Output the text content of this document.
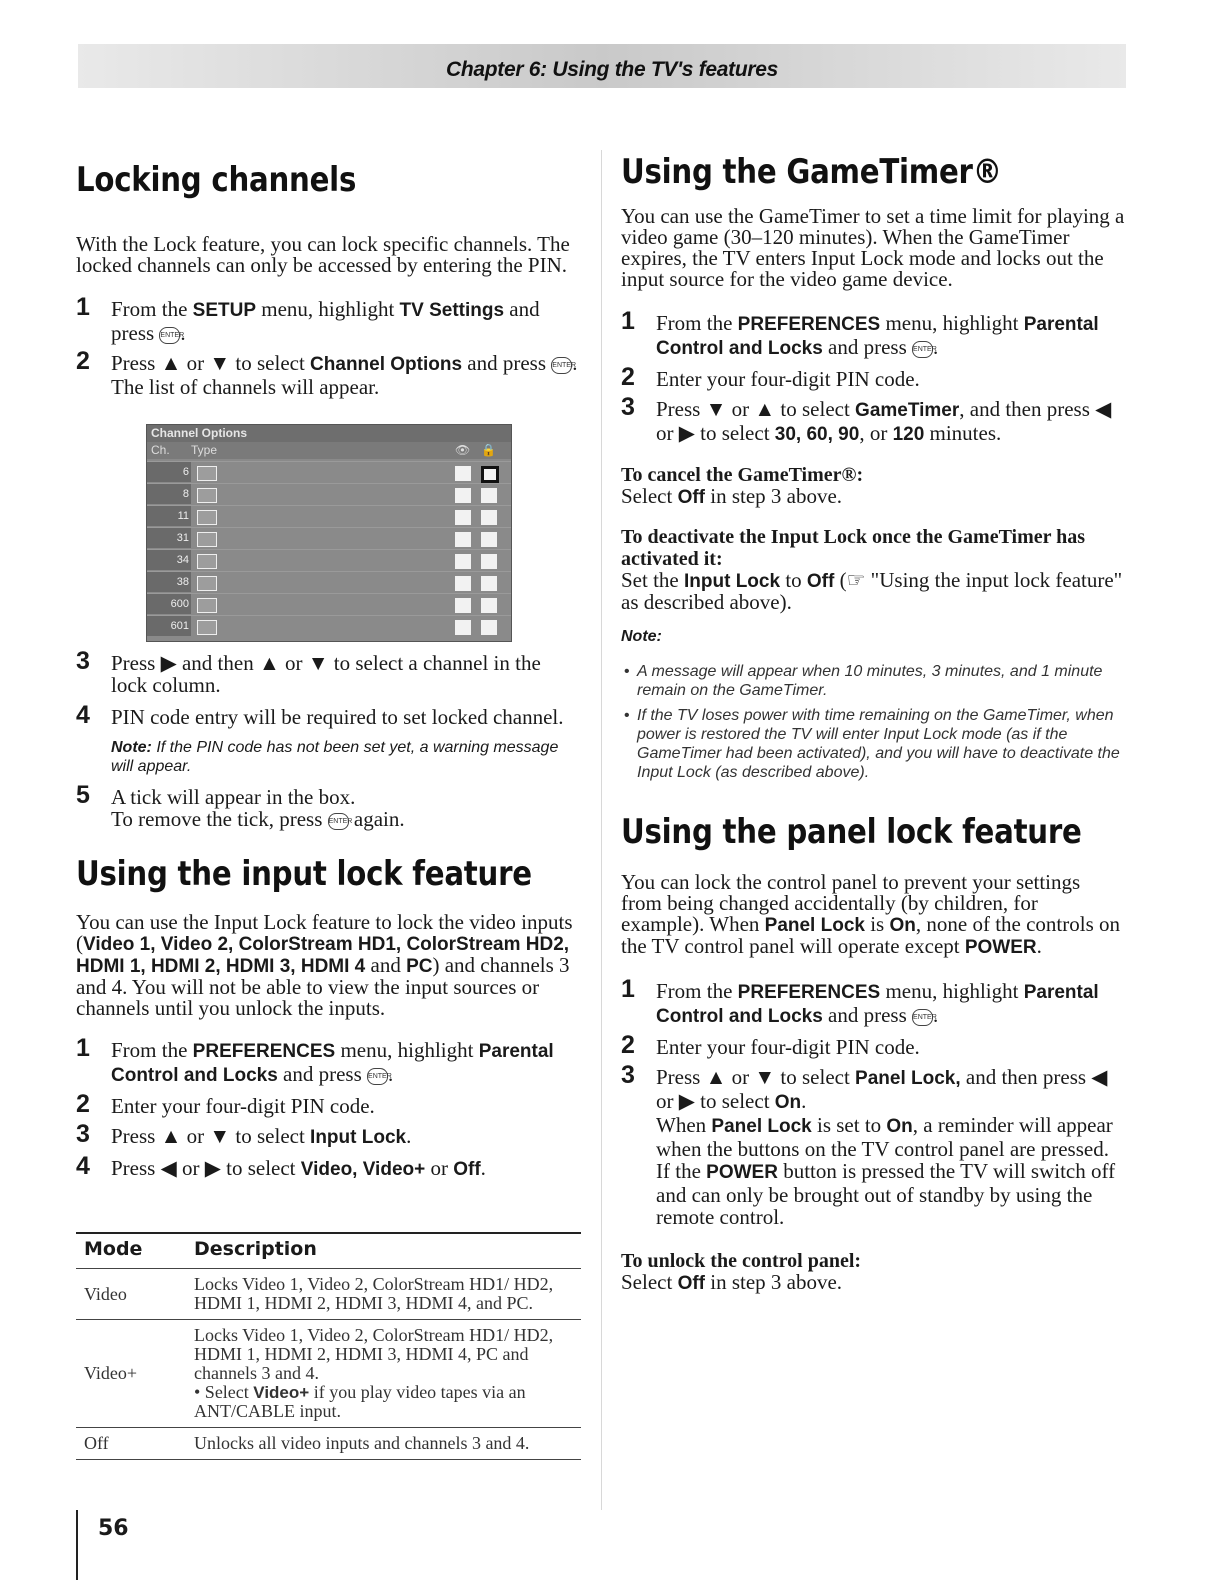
Chapter 6: Using the TV's features
Locking channels

With the Lock feature, you can lock specific channels. The locked channels can only be accessed by entering the PIN.

1 From the SETUP menu, highlight TV Settings and press ENTER.

2 Press ▲ or ▼ to select Channel Options and press ENTER. The list of channels will appear.

Channel Options
Ch. Type	👁 🔒
6
8
11
31
34
38
600
601

3 Press ▶ and then ▲ or ▼ to select a channel in the lock column.

4 PIN code entry will be required to set locked channel.

Note: If the PIN code has not been set yet, a warning message will appear.

5 A tick will appear in the box.
To remove the tick, press ENTER again.

Using the input lock feature

You can use the Input Lock feature to lock the video inputs (Video 1, Video 2, ColorStream HD1, ColorStream HD2, HDMI 1, HDMI 2, HDMI 3, HDMI 4 and PC) and channels 3 and 4. You will not be able to view the input sources or channels until you unlock the inputs.

1 From the PREFERENCES menu, highlight Parental Control and Locks and press ENTER.

2 Enter your four-digit PIN code.

3 Press ▲ or ▼ to select Input Lock.

4 Press ◀ or ▶ to select Video, Video+ or Off.

Mode	Description
Video	Locks Video 1, Video 2, ColorStream HD1/ HD2, HDMI 1, HDMI 2, HDMI 3, HDMI 4, and PC.
Video+	Locks Video 1, Video 2, ColorStream HD1/ HD2, HDMI 1, HDMI 2, HDMI 3, HDMI 4, PC and channels 3 and 4.
• Select Video+ if you play video tapes via an ANT/CABLE input.
Off	Unlocks all video inputs and channels 3 and 4.
56
Using the GameTimer®

You can use the GameTimer to set a time limit for playing a video game (30–120 minutes). When the GameTimer expires, the TV enters Input Lock mode and locks out the input source for the video game device.

1 From the PREFERENCES menu, highlight Parental Control and Locks and press ENTER.

2 Enter your four-digit PIN code.

3 Press ▼ or ▲ to select GameTimer, and then press ◀ or ▶ to select 30, 60, 90, or 120 minutes.

To cancel the GameTimer®:

Select Off in step 3 above.

To deactivate the Input Lock once the GameTimer has activated it:

Set the Input Lock to Off (☞ "Using the input lock feature" as described above).

Note:

• A message will appear when 10 minutes, 3 minutes, and 1 minute remain on the GameTimer.
• If the TV loses power with time remaining on the GameTimer, when power is restored the TV will enter Input Lock mode (as if the GameTimer had been activated), and you will have to deactivate the Input Lock (as described above).
Using the panel lock feature

You can lock the control panel to prevent your settings from being changed accidentally (by children, for example). When Panel Lock is On, none of the controls on the TV control panel will operate except POWER.

1 From the PREFERENCES menu, highlight Parental Control and Locks and press ENTER.

2 Enter your four-digit PIN code.

3 Press ▲ or ▼ to select Panel Lock, and then press ◀ or ▶ to select On.
When Panel Lock is set to On, a reminder will appear when the buttons on the TV control panel are pressed. If the POWER button is pressed the TV will switch off and can only be brought out of standby by using the remote control.

To unlock the control panel:

Select Off in step 3 above.
